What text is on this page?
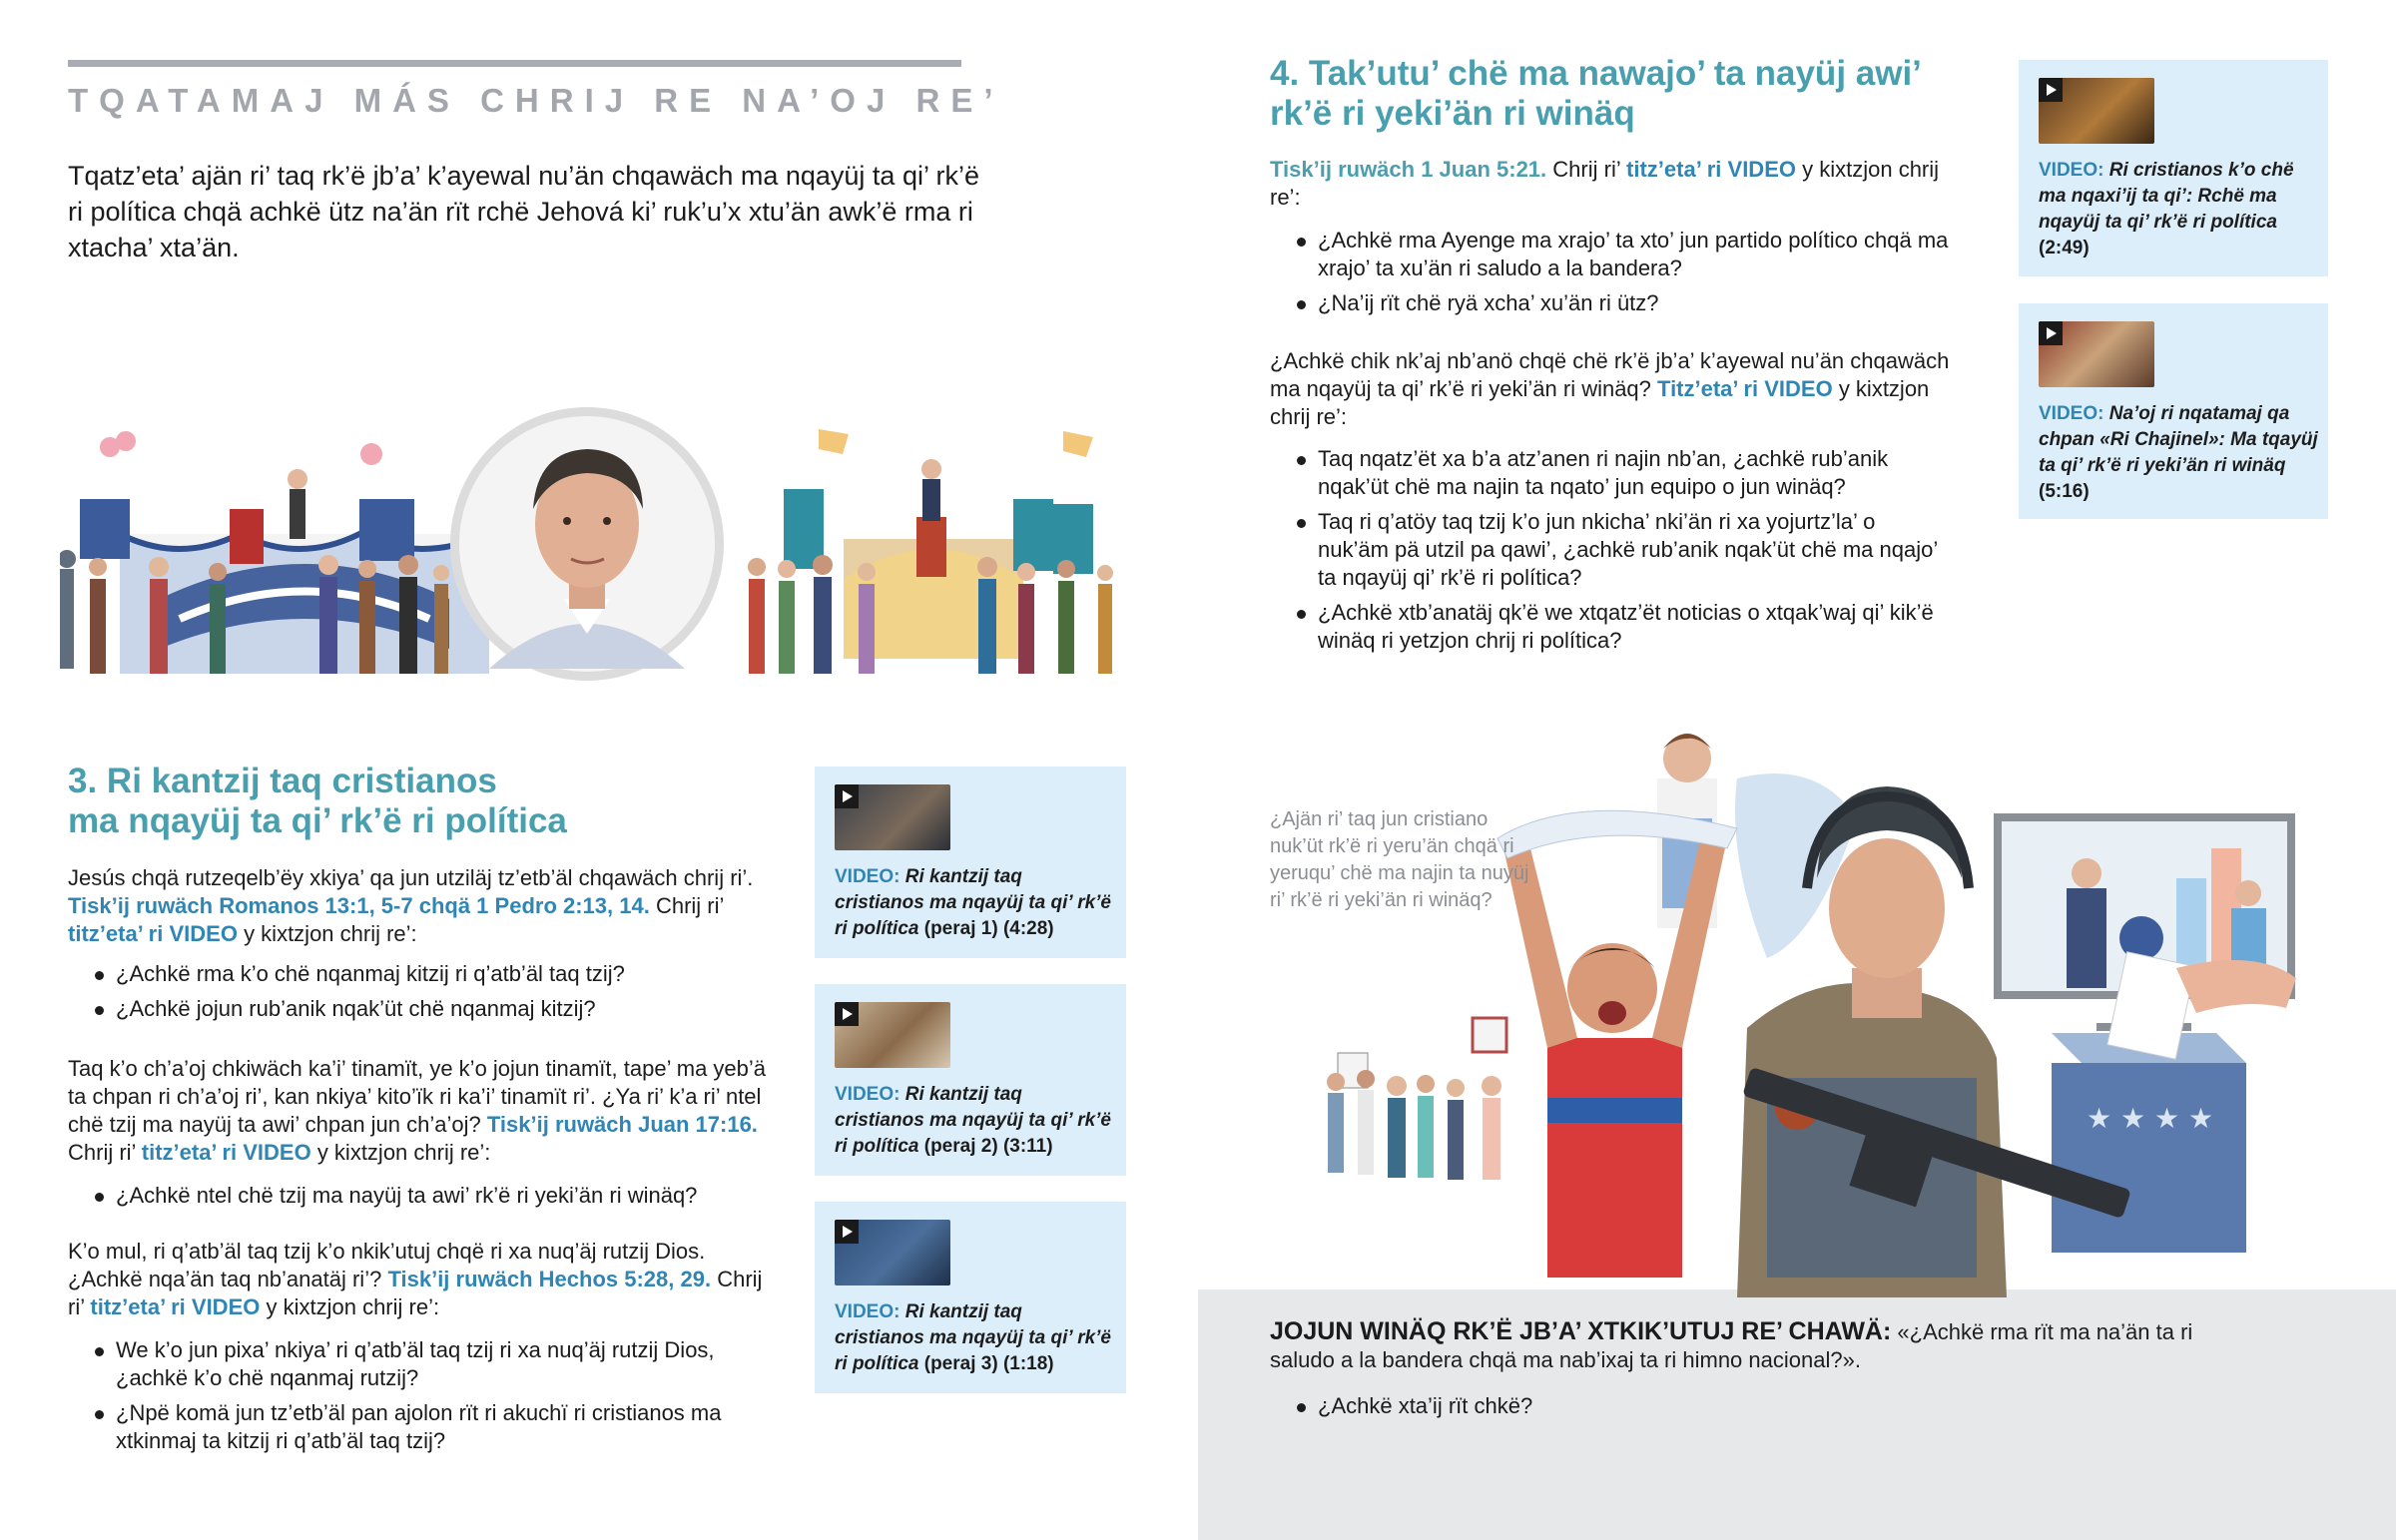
TQATAMAJ MÁS CHRIJ RE NA’OJ RE’

Tqatz’eta’ ajän ri’ taq rk’ë jb’a’ k’ayewal nu’än chqawäch ma nqayüj ta qi’ rk’ë ri política chqä achkë ütz na’än rït rchë Jehová ki’ ruk’u’x xtu’än awk’ë rma ri xtacha’ xta’än.

3. Ri kantzij taq cristianos
ma nqayüj ta qi’ rk’ë ri política

Jesús chqä rutzeqelb’ëy xkiya’ qa jun utziläj tz’etb’äl chqawäch chrij ri’. Tisk’ij ruwäch Romanos 13:1, 5-7 chqä 1 Pedro 2:13, 14. Chrij ri’ titz’eta’ ri VIDEO y kixtzjon chrij re’:

¿Achkë rma k’o chë nqanmaj kitzij ri q’atb’äl taq tzij?
¿Achkë jojun rub’anik nqak’üt chë nqanmaj kitzij?

Taq k’o ch’a’oj chkiwäch ka’i’ tinamït, ye k’o jojun tinamït, tape’ ma yeb’ä ta chpan ri ch’a’oj ri’, kan nkiya’ kito’ïk ri ka’i’ tinamït ri’. ¿Ya ri’ k’a ri’ ntel chë tzij ma nayüj ta awi’ chpan jun ch’a’oj? Tisk’ij ruwäch Juan 17:16. Chrij ri’ titz’eta’ ri VIDEO y kixtzjon chrij re’:

¿Achkë ntel chë tzij ma nayüj ta awi’ rk’ë ri yeki’än ri winäq?

K’o mul, ri q’atb’äl taq tzij k’o nkik’utuj chqë ri xa nuq’äj rutzij Dios. ¿Achkë nqa’än taq nb’anatäj ri’? Tisk’ij ruwäch Hechos 5:28, 29. Chrij ri’ titz’eta’ ri VIDEO y kixtzjon chrij re’:

We k’o jun pixa’ nkiya’ ri q’atb’äl taq tzij ri xa nuq’äj rutzij Dios, ¿achkë k’o chë nqanmaj rutzij?
¿Npë komä jun tz’etb’äl pan ajolon rït ri akuchï ri cristianos ma xtkinmaj ta kitzij ri q’atb’äl taq tzij?
VIDEO: Ri kantzij taq cristianos ma nqayüj ta qi’ rk’ë ri política (peraj 1) (4:28)
VIDEO: Ri kantzij taq cristianos ma nqayüj ta qi’ rk’ë ri política (peraj 2) (3:11)
VIDEO: Ri kantzij taq cristianos ma nqayüj ta qi’ rk’ë ri política (peraj 3) (1:18)
4. Tak’utu’ chë ma nawajo’ ta nayüj awi’
rk’ë ri yeki’än ri winäq

Tisk’ij ruwäch 1 Juan 5:21. Chrij ri’ titz’eta’ ri VIDEO y kixtzjon chrij re’:

¿Achkë rma Ayenge ma xrajo’ ta xto’ jun partido político chqä ma xrajo’ ta xu’än ri saludo a la bandera?
¿Na’ij rït chë ryä xcha’ xu’än ri ütz?

¿Achkë chik nk’aj nb’anö chqë chë rk’ë jb’a’ k’ayewal nu’än chqawäch ma nqayüj ta qi’ rk’ë ri yeki’än ri winäq? Titz’eta’ ri VIDEO y kixtzjon chrij re’:

Taq nqatz’ët xa b’a atz’anen ri najin nb’an, ¿achkë rub’anik nqak’üt chë ma najin ta nqato’ jun equipo o jun winäq?
Taq ri q’atöy taq tzij k’o jun nkicha’ nki’än ri xa yojurtz’la’ o nuk’äm pä utzil pa qawi’, ¿achkë rub’anik nqak’üt chë ma nqajo’ ta nqayüj qi’ rk’ë ri política?
¿Achkë xtb’anatäj qk’ë we xtqatz’ët noticias o xtqak’waj qi’ kik’ë winäq ri yetzjon chrij ri política?
VIDEO: Ri cristianos k’o chë ma nqaxi’ij ta qi’: Rchë ma nqayüj ta qi’ rk’ë ri política (2:49)
VIDEO: Na’oj ri nqatamaj qa chpan «Ri Chajinel»: Ma tqayüj ta qi’ rk’ë ri yeki’än ri winäq (5:16)
★ ★ ★ ★

¿Ajän ri’ taq jun cristiano nuk’üt rk’ë ri yeru’än chqä ri yeruqu’ chë ma najin ta nuyüj ri’ rk’ë ri yeki’än ri winäq?

JOJUN WINÄQ RK’Ë JB’A’ XTKIK’UTUJ RE’ CHAWÄ: «¿Achkë rma rït ma na’än ta ri saludo a la bandera chqä ma nab’ixaj ta ri himno nacional?».
¿Achkë xta’ij rït chkë?
